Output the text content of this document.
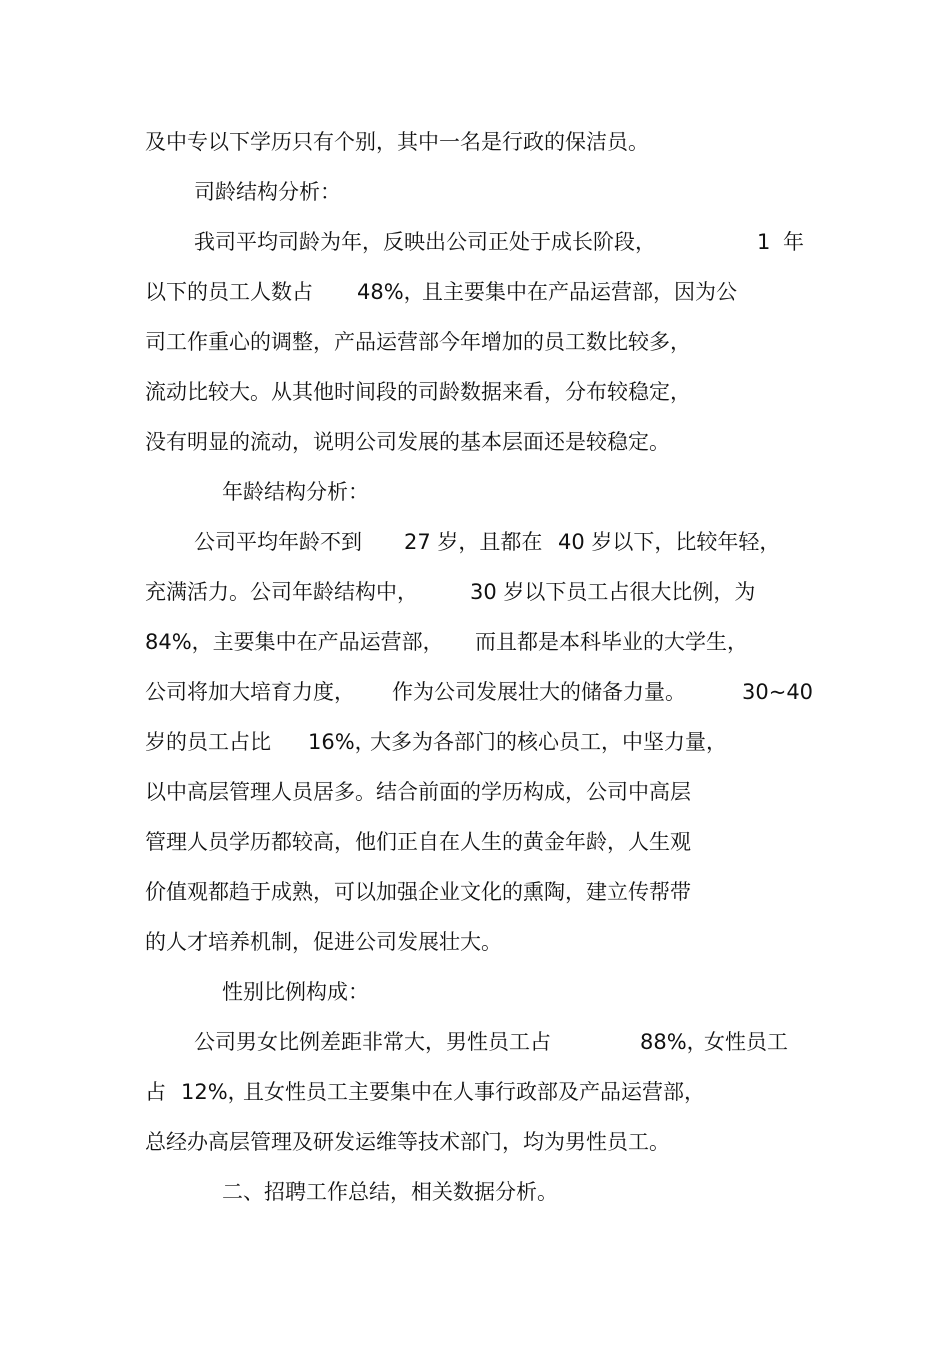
及中专以下学历只有个别，其中一名是行政的保洁员。
司龄结构分析：
我司平均司龄为年，反映出公司正处于成长阶段，	1 年
以下的员工人数占 48%，
且主要集中在产品运营部，因为公
司工作重心的调整，产品运营部今年增加的员工数比较多，
流动比较大。从其他时间段的司龄数据来看，分布较稳定，
没有明显的流动，说明公司发展的基本层面还是较稳定。
年龄结构分析：
公司平均年龄不到 27 岁，且都在 40 岁以下，比较年轻，
充满活力。公司年龄结构中， 30 岁以下员工占很大比例，为
84%，主要集中在产品运营部， 而且都是本科毕业的大学生，
公司将加大培育力度， 作为公司发展壮大的储备力量。	30~40
岁的员工占比 16%，
大多为各部门的核心员工，中坚力量，
以中高层管理人员居多。结合前面的学历构成，公司中高层
管理人员学历都较高，他们正自在人生的黄金年龄，人生观
价值观都趋于成熟，可以加强企业文化的熏陶，建立传帮带
的人才培养机制，促进公司发展壮大。
性别比例构成：
公司男女比例差距非常大，男性员工占	88%，
女性员工
占 12%，
且女性员工主要集中在人事行政部及产品运营部，
总经办高层管理及研发运维等技术部门，均为男性员工。
二、招聘工作总结，相关数据分析。
